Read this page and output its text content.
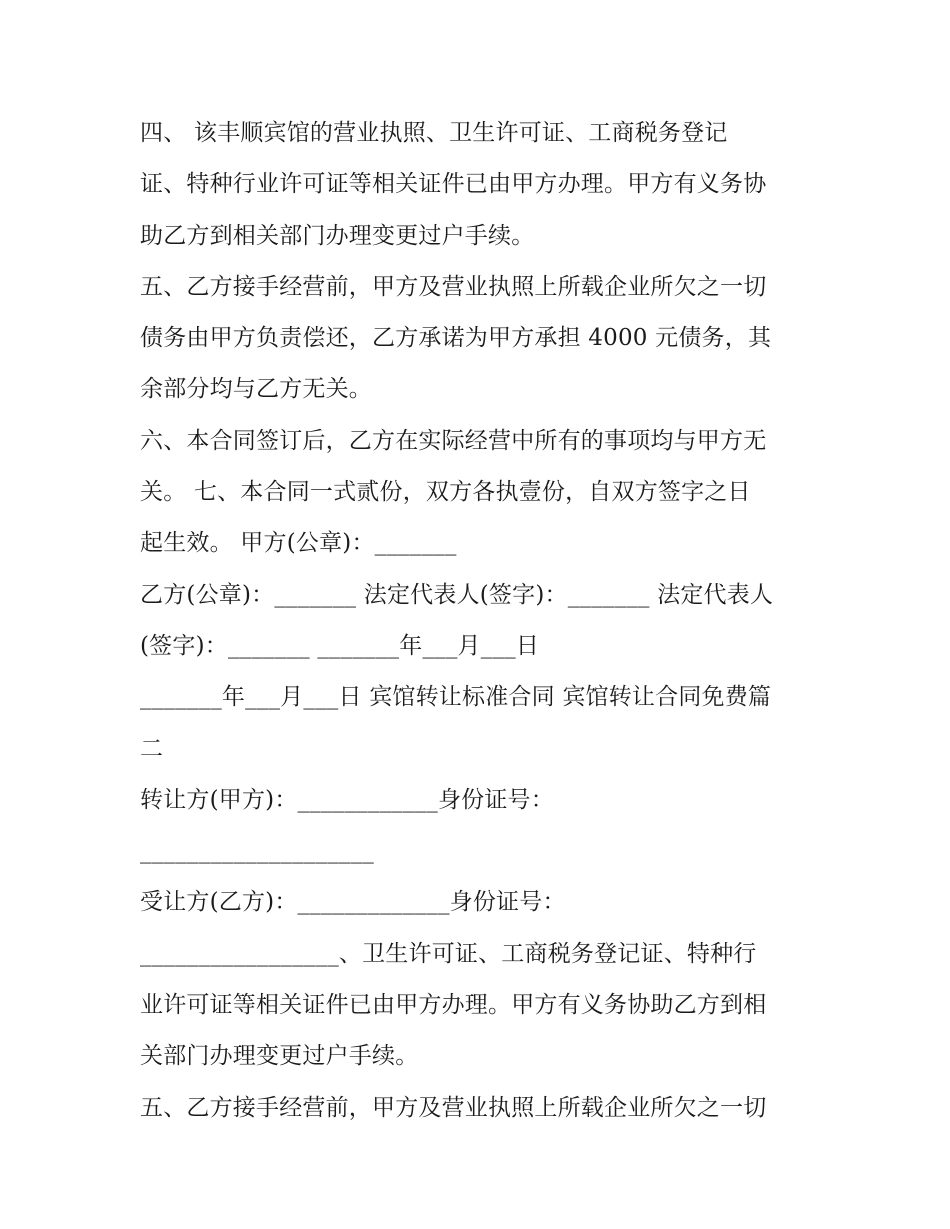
四、 该丰顺宾馆的营业执照、卫生许可证、工商税务登记
证、特种行业许可证等相关证件已由甲方办理。甲方有义务协
助乙方到相关部门办理变更过户手续。
五、乙方接手经营前，甲方及营业执照上所载企业所欠之一切
债务由甲方负责偿还，乙方承诺为甲方承担 4000 元债务，其
余部分均与乙方无关。
六、本合同签订后，乙方在实际经营中所有的事项均与甲方无
关。 七、本合同一式贰份，双方各执壹份，自双方签字之日
起生效。 甲方(公章)：_______
乙方(公章)：_______ 法定代表人(签字)：_______ 法定代表人
(签字)：_______ _______年___月___日
_______年___月___日 宾馆转让标准合同 宾馆转让合同免费篇
二
转让方(甲方)：____________身份证号：
____________________
受让方(乙方)：_____________身份证号：
_________________、卫生许可证、工商税务登记证、特种行
业许可证等相关证件已由甲方办理。甲方有义务协助乙方到相
关部门办理变更过户手续。
五、乙方接手经营前，甲方及营业执照上所载企业所欠之一切
